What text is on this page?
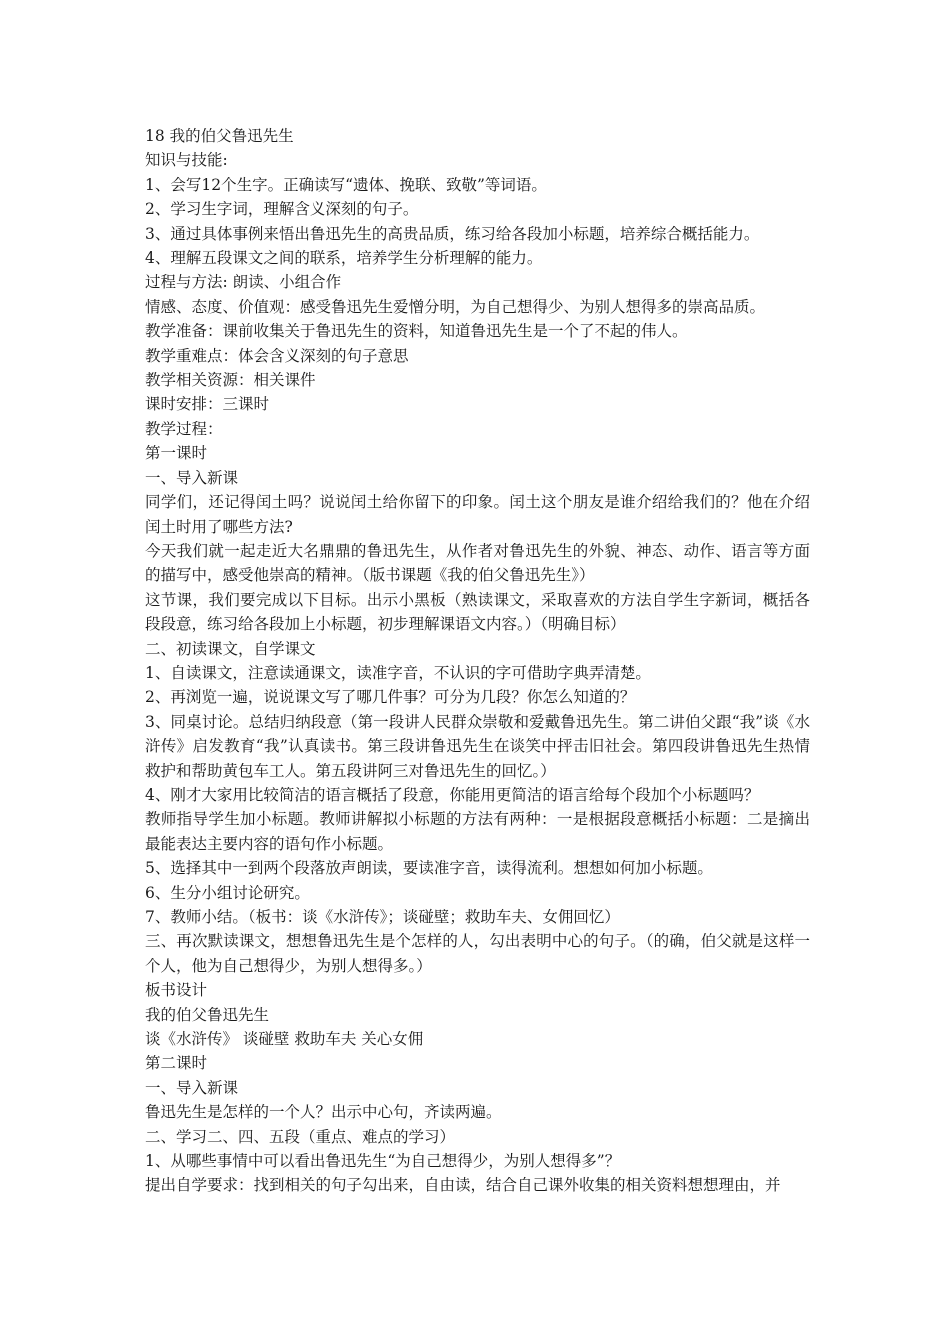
18 我的伯父鲁迅先生

知识与技能:

1、会写12个生字。正确读写“遗体、挽联、致敬”等词语。

2、学习生字词，理解含义深刻的句子。

3、通过具体事例来悟出鲁迅先生的高贵品质，练习给各段加小标题，培养综合概括能力。

4、理解五段课文之间的联系，培养学生分析理解的能力。

过程与方法: 朗读、小组合作

情感、态度、价值观：感受鲁迅先生爱憎分明，为自己想得少、为别人想得多的崇高品质。

教学准备：课前收集关于鲁迅先生的资料，知道鲁迅先生是一个了不起的伟人。

教学重难点：体会含义深刻的句子意思

教学相关资源：相关课件

课时安排：三课时

教学过程：

第一课时

一、导入新课

同学们，还记得闰土吗？说说闰土给你留下的印象。闰土这个朋友是谁介绍给我们的？他在介绍闰土时用了哪些方法?

今天我们就一起走近大名鼎鼎的鲁迅先生，从作者对鲁迅先生的外貌、神态、动作、语言等方面的描写中，感受他崇高的精神。（版书课题《我的伯父鲁迅先生》）

这节课，我们要完成以下目标。出示小黑板（熟读课文，采取喜欢的方法自学生字新词，概括各段段意，练习给各段加上小标题，初步理解课语文内容。）（明确目标）

二、初读课文，自学课文

1、自读课文，注意读通课文，读准字音，不认识的字可借助字典弄清楚。

2、再浏览一遍，说说课文写了哪几件事？可分为几段？你怎么知道的？

3、同桌讨论。总结归纳段意（第一段讲人民群众崇敬和爱戴鲁迅先生。第二讲伯父跟“我”谈《水浒传》启发教育“我”认真读书。第三段讲鲁迅先生在谈笑中抨击旧社会。第四段讲鲁迅先生热情救护和帮助黄包车工人。第五段讲阿三对鲁迅先生的回忆。）

4、刚才大家用比较简洁的语言概括了段意，你能用更简洁的语言给每个段加个小标题吗？

教师指导学生加小标题。教师讲解拟小标题的方法有两种：一是根据段意概括小标题：二是摘出最能表达主要内容的语句作小标题。

5、选择其中一到两个段落放声朗读，要读准字音，读得流利。想想如何加小标题。

6、生分小组讨论研究。

7、教师小结。（板书：谈《水浒传》；谈碰壁；救助车夫、女佣回忆）

三、再次默读课文，想想鲁迅先生是个怎样的人，勾出表明中心的句子。（的确，伯父就是这样一个人，他为自己想得少，为别人想得多。）

板书设计

我的伯父鲁迅先生

谈《水浒传》 谈碰壁 救助车夫 关心女佣

第二课时

一、导入新课

鲁迅先生是怎样的一个人？出示中心句，齐读两遍。

二、学习二、四、五段（重点、难点的学习）

1、从哪些事情中可以看出鲁迅先生“为自己想得少，为别人想得多”？

提出自学要求：找到相关的句子勾出来，自由读，结合自己课外收集的相关资料想想理由，并
